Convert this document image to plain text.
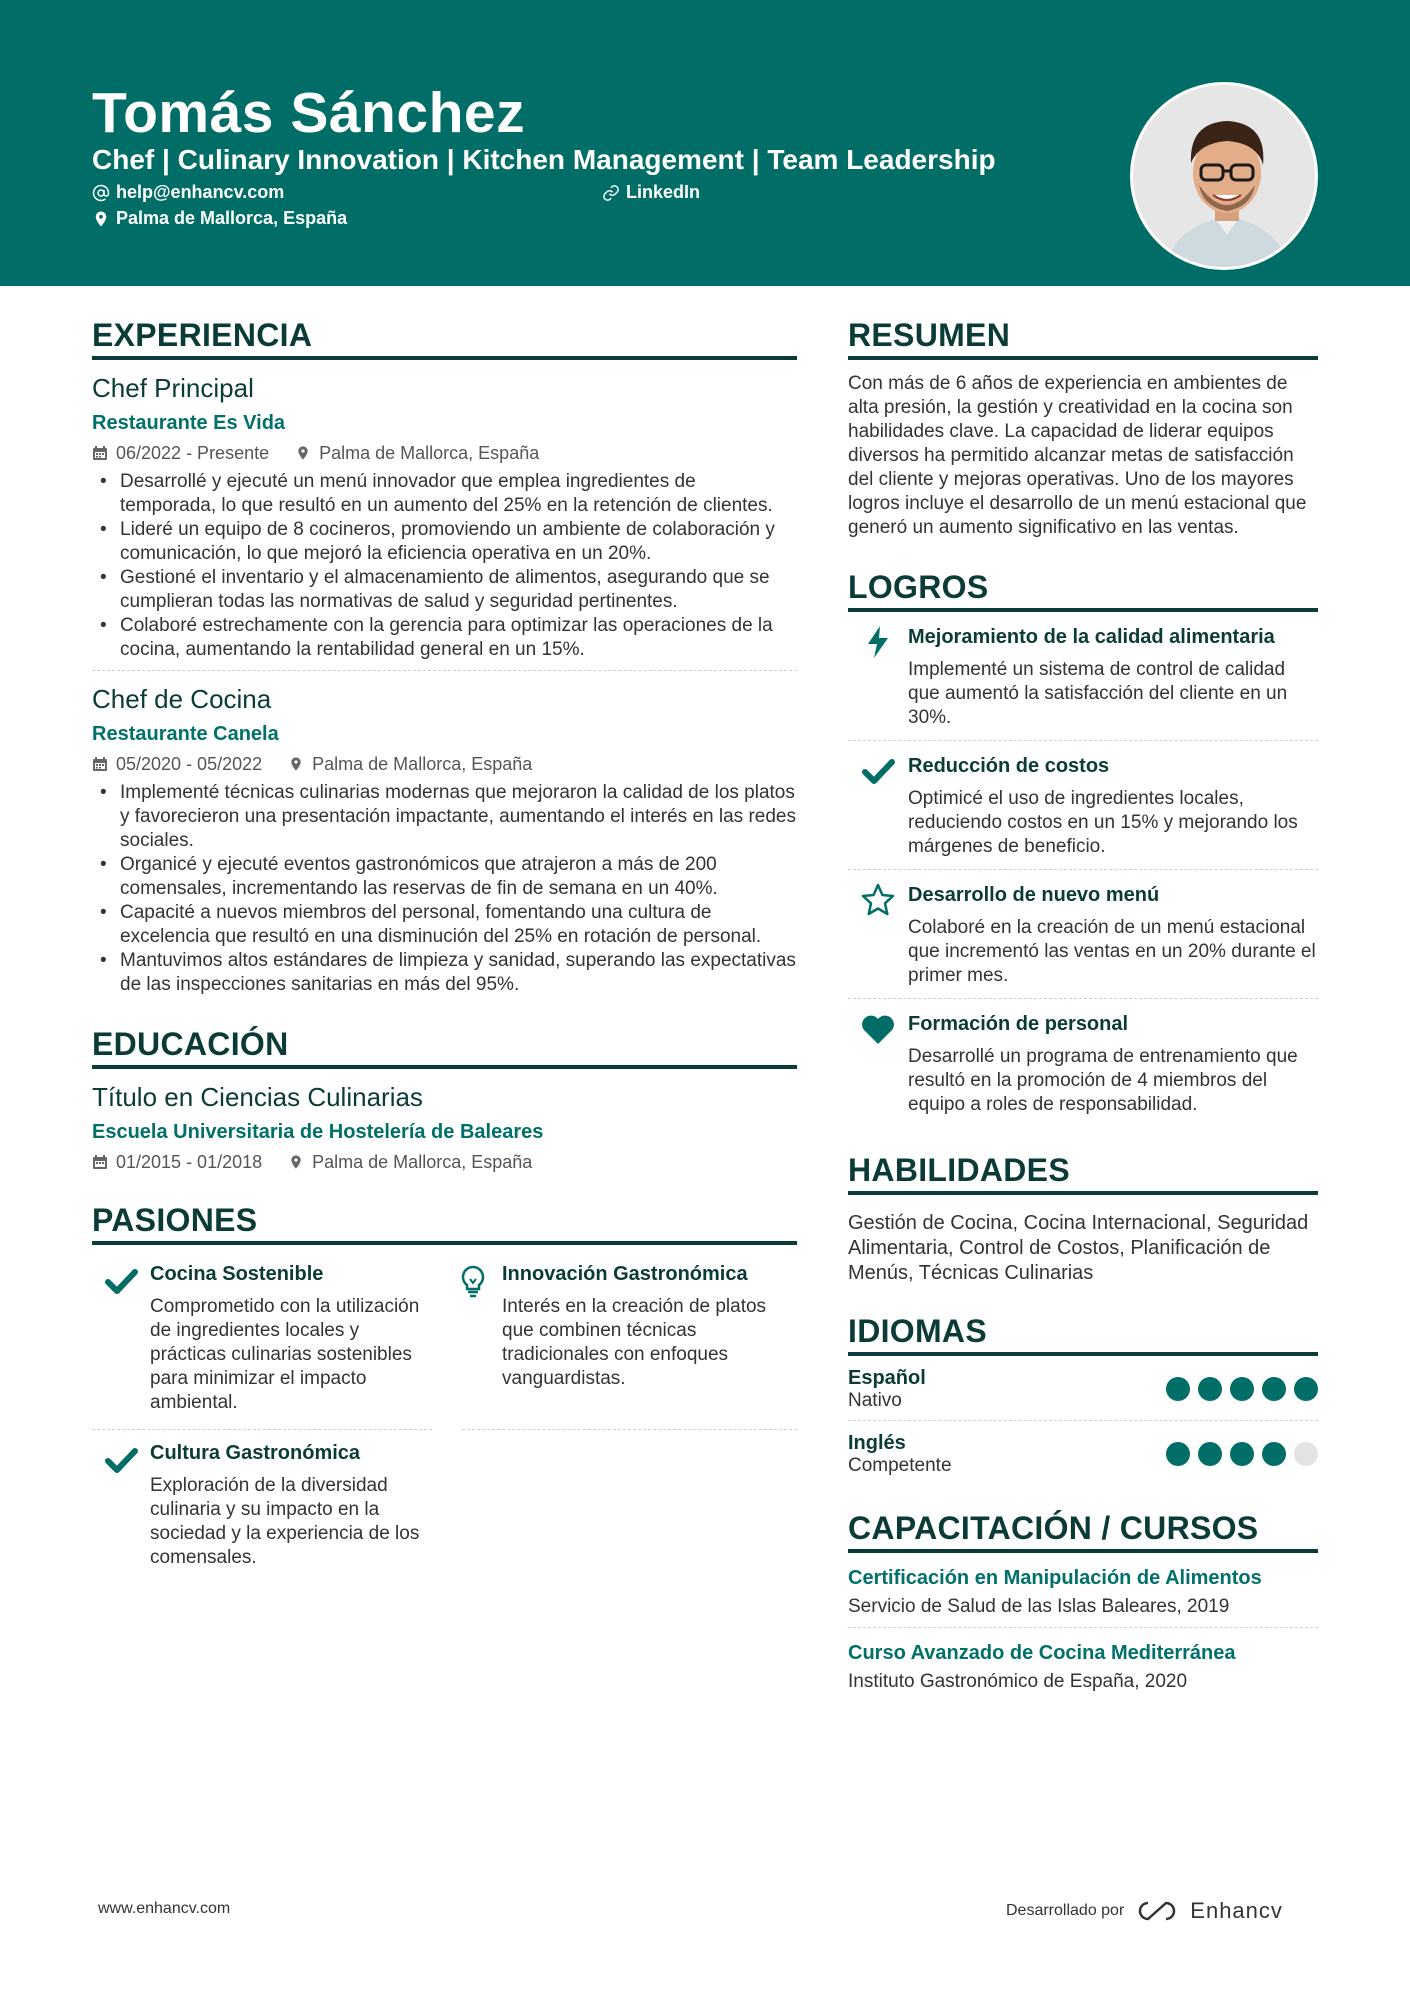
Tomás Sánchez
Chef | Culinary Innovation | Kitchen Management | Team Leadership
help@enhancv.com	LinkedIn
Palma de Mallorca, España
EXPERIENCIA
Chef Principal
Restaurante Es Vida
06/2022 - Presente	Palma de Mallorca, España
• Desarrollé y ejecuté un menú innovador que emplea ingredientes de temporada, lo que resultó en un aumento del 25% en la retención de clientes.
• Lideré un equipo de 8 cocineros, promoviendo un ambiente de colaboración y comunicación, lo que mejoró la eficiencia operativa en un 20%.
• Gestioné el inventario y el almacenamiento de alimentos, asegurando que se cumplieran todas las normativas de salud y seguridad pertinentes.
• Colaboré estrechamente con la gerencia para optimizar las operaciones de la cocina, aumentando la rentabilidad general en un 15%.
Chef de Cocina
Restaurante Canela
05/2020 - 05/2022	Palma de Mallorca, España
• Implementé técnicas culinarias modernas que mejoraron la calidad de los platos y favorecieron una presentación impactante, aumentando el interés en las redes sociales.
• Organicé y ejecuté eventos gastronómicos que atrajeron a más de 200 comensales, incrementando las reservas de fin de semana en un 40%.
• Capacité a nuevos miembros del personal, fomentando una cultura de excelencia que resultó en una disminución del 25% en rotación de personal.
• Mantuvimos altos estándares de limpieza y sanidad, superando las expectativas de las inspecciones sanitarias en más del 95%.
EDUCACIÓN
Título en Ciencias Culinarias
Escuela Universitaria de Hostelería de Baleares
01/2015 - 01/2018	Palma de Mallorca, España
PASIONES
Cocina Sostenible
Comprometido con la utilización de ingredientes locales y prácticas culinarias sostenibles para minimizar el impacto ambiental.
Innovación Gastronómica
Interés en la creación de platos que combinen técnicas tradicionales con enfoques vanguardistas.
Cultura Gastronómica
Exploración de la diversidad culinaria y su impacto en la sociedad y la experiencia de los comensales.
RESUMEN
Con más de 6 años de experiencia en ambientes de alta presión, la gestión y creatividad en la cocina son habilidades clave. La capacidad de liderar equipos diversos ha permitido alcanzar metas de satisfacción del cliente y mejoras operativas. Uno de los mayores logros incluye el desarrollo de un menú estacional que generó un aumento significativo en las ventas.
LOGROS
Mejoramiento de la calidad alimentaria
Implementé un sistema de control de calidad que aumentó la satisfacción del cliente en un 30%.
Reducción de costos
Optimicé el uso de ingredientes locales, reduciendo costos en un 15% y mejorando los márgenes de beneficio.
Desarrollo de nuevo menú
Colaboré en la creación de un menú estacional que incrementó las ventas en un 20% durante el primer mes.
Formación de personal
Desarrollé un programa de entrenamiento que resultó en la promoción de 4 miembros del equipo a roles de responsabilidad.
HABILIDADES
Gestión de Cocina, Cocina Internacional, Seguridad Alimentaria, Control de Costos, Planificación de Menús, Técnicas Culinarias
IDIOMAS
Español
Nativo
Inglés
Competente
CAPACITACIÓN / CURSOS
Certificación en Manipulación de Alimentos
Servicio de Salud de las Islas Baleares, 2019
Curso Avanzado de Cocina Mediterránea
Instituto Gastronómico de España, 2020
www.enhancv.com	Desarrollado por	Enhancv
